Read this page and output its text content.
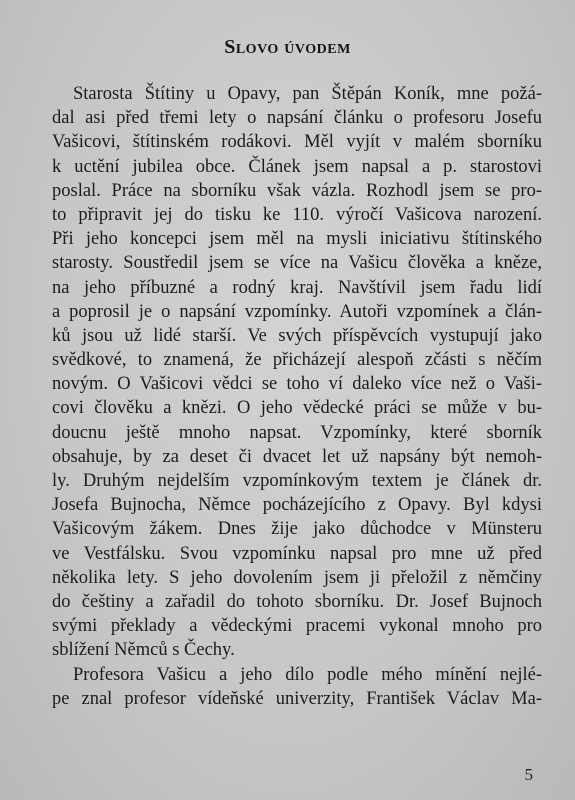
Slovo úvodem
Starosta Štítiny u Opavy, pan Štěpán Koník, mne požá-
dal asi před třemi lety o napsání článku o profesoru Josefu
Vašicovi, štítinském rodákovi. Měl vyjít v malém sborníku
k uctění jubilea obce. Článek jsem napsal a p. starostovi
poslal. Práce na sborníku však vázla. Rozhodl jsem se pro-
to připravit jej do tisku ke 110. výročí Vašicova narození.
Při jeho koncepci jsem měl na mysli iniciativu štítinského
starosty. Soustředil jsem se více na Vašicu člověka a kněze,
na jeho příbuzné a rodný kraj. Navštívil jsem řadu lidí
a poprosil je o napsání vzpomínky. Autoři vzpomínek a člán-
ků jsou už lidé starší. Ve svých příspěvcích vystupují jako
svědkové, to znamená, že přicházejí alespoň zčásti s něčím
novým. O Vašicovi vědci se toho ví daleko více než o Vaši-
covi člověku a knězi. O jeho vědecké práci se může v bu-
doucnu ještě mnoho napsat. Vzpomínky, které sborník
obsahuje, by za deset či dvacet let už napsány být nemoh-
ly. Druhým nejdelším vzpomínkovým textem je článek dr.
Josefa Bujnocha, Němce pocházejícího z Opavy. Byl kdysi
Vašicovým žákem. Dnes žije jako důchodce v Münsteru
ve Vestfálsku. Svou vzpomínku napsal pro mne už před
několika lety. S jeho dovolením jsem ji přeložil z němčiny
do češtiny a zařadil do tohoto sborníku. Dr. Josef Bujnoch
svými překlady a vědeckými pracemi vykonal mnoho pro
sblížení Němců s Čechy.
Profesora Vašicu a jeho dílo podle mého mínění nejlé-
pe znal profesor vídeňské univerzity, František Václav Ma-
5
